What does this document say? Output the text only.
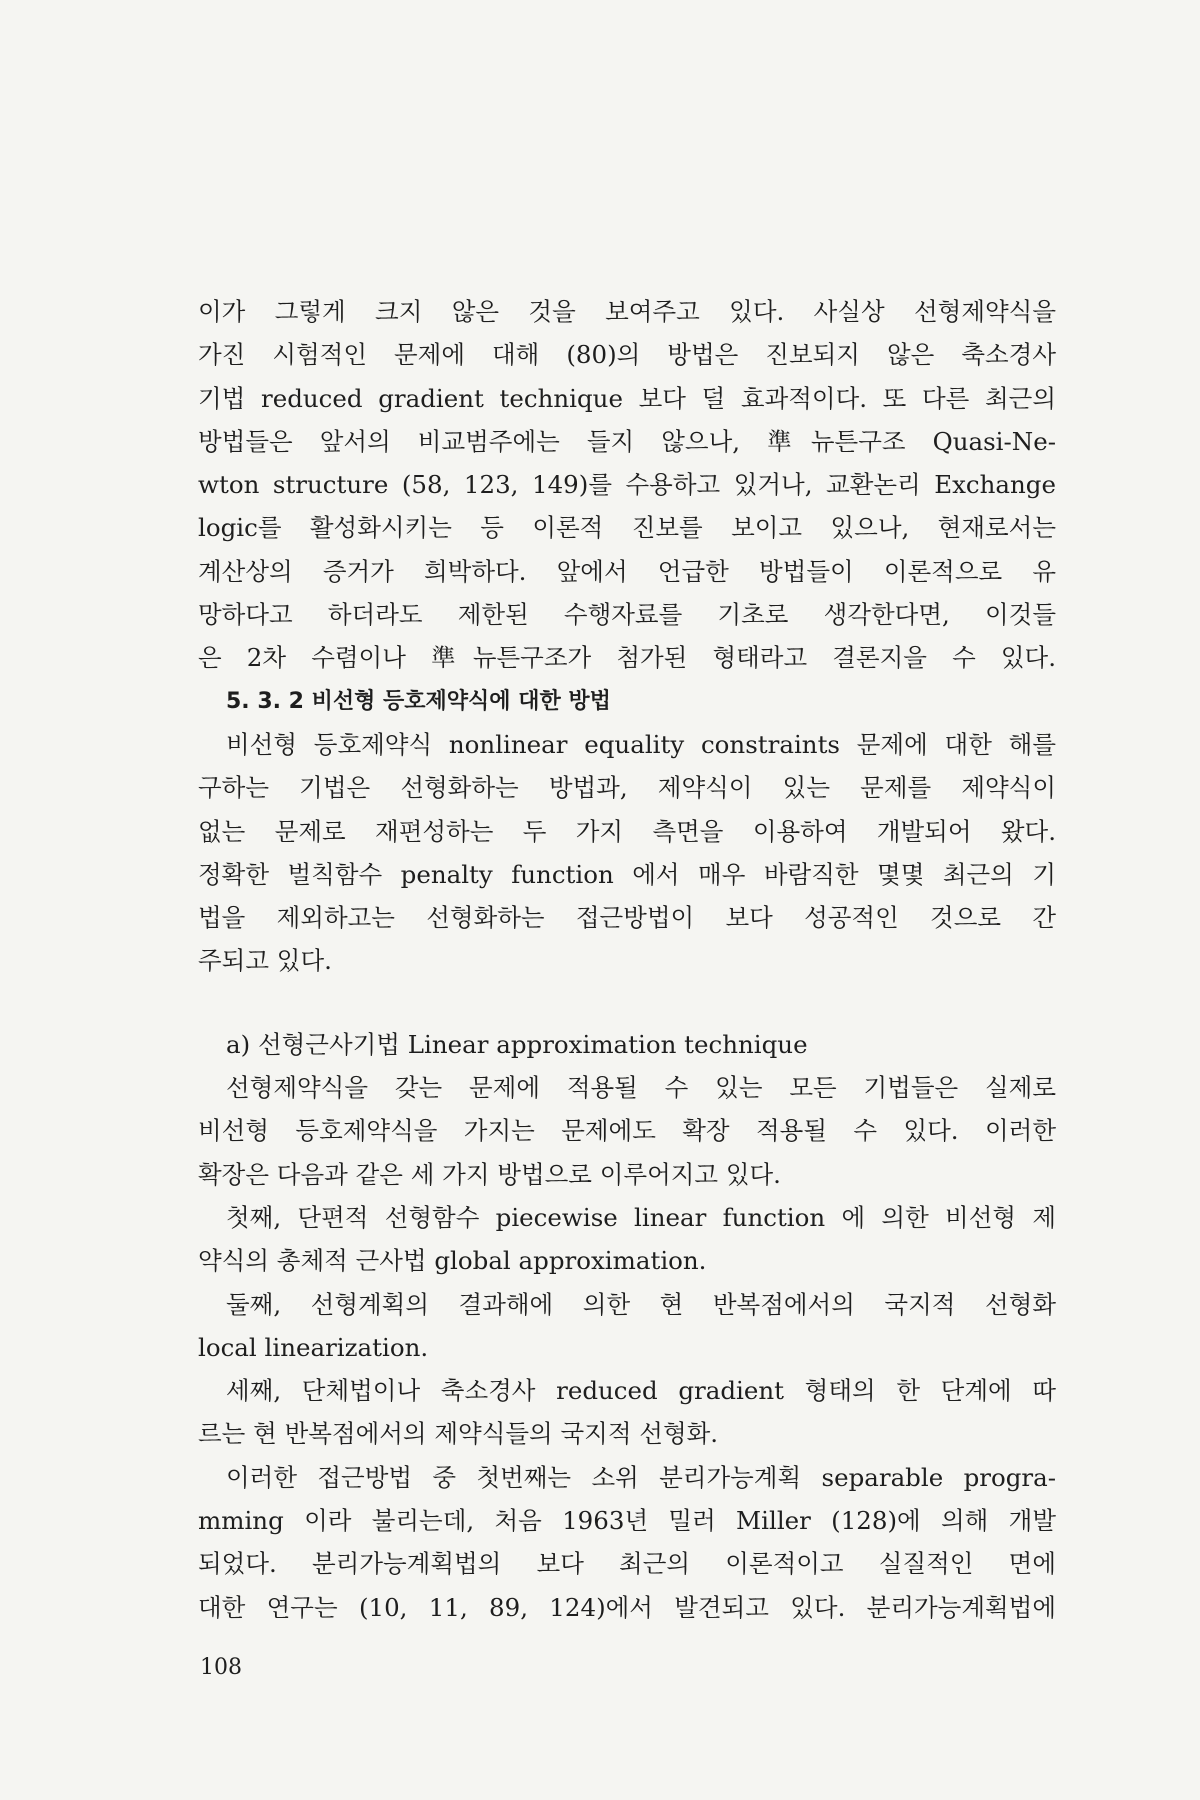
이가 그렇게 크지 않은 것을 보여주고 있다. 사실상 선형제약식을
가진 시험적인 문제에 대해 (80)의 방법은 진보되지 않은 축소경사
기법 reduced gradient technique 보다 덜 효과적이다. 또 다른 최근의
방법들은 앞서의 비교범주에는 들지 않으나, 準뉴튼구조 Quasi-Ne-
wton structure (58, 123, 149)를 수용하고 있거나, 교환논리 Exchange
logic를 활성화시키는 등 이론적 진보를 보이고 있으나, 현재로서는
계산상의 증거가 희박하다. 앞에서 언급한 방법들이 이론적으로 유
망하다고 하더라도 제한된 수행자료를 기초로 생각한다면, 이것들
은 2차 수렴이나 準뉴튼구조가 첨가된 형태라고 결론지을 수 있다.
5. 3. 2 비선형 등호제약식에 대한 방법
비선형 등호제약식 nonlinear equality constraints 문제에 대한 해를
구하는 기법은 선형화하는 방법과, 제약식이 있는 문제를 제약식이
없는 문제로 재편성하는 두 가지 측면을 이용하여 개발되어 왔다.
정확한 벌칙함수 penalty function 에서 매우 바람직한 몇몇 최근의 기
법을 제외하고는 선형화하는 접근방법이 보다 성공적인 것으로 간
주되고 있다.
a) 선형근사기법 Linear approximation technique
선형제약식을 갖는 문제에 적용될 수 있는 모든 기법들은 실제로
비선형 등호제약식을 가지는 문제에도 확장 적용될 수 있다. 이러한
확장은 다음과 같은 세 가지 방법으로 이루어지고 있다.
첫째, 단편적 선형함수 piecewise linear function 에 의한 비선형 제
약식의 총체적 근사법 global approximation.
둘째, 선형계획의 결과해에 의한 현 반복점에서의 국지적 선형화
local linearization.
세째, 단체법이나 축소경사 reduced gradient 형태의 한 단계에 따
르는 현 반복점에서의 제약식들의 국지적 선형화.
이러한 접근방법 중 첫번째는 소위 분리가능계획 separable progra-
mming 이라 불리는데, 처음 1963년 밀러 Miller (128)에 의해 개발
되었다. 분리가능계획법의 보다 최근의 이론적이고 실질적인 면에
대한 연구는 (10, 11, 89, 124)에서 발견되고 있다. 분리가능계획법에
108
